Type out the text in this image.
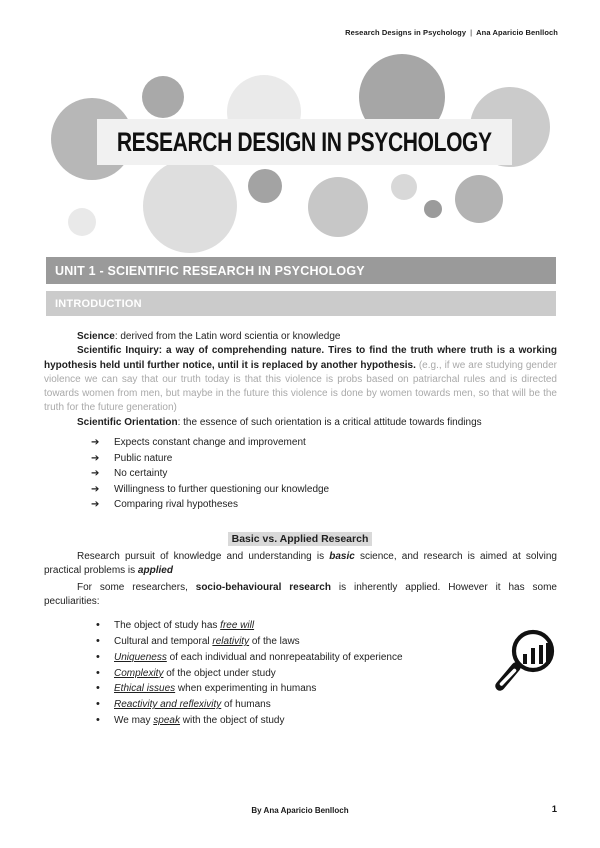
Research Designs in Psychology | Ana Aparicio Benlloch
RESEARCH DESIGN IN PSYCHOLOGY
UNIT 1 - SCIENTIFIC RESEARCH IN PSYCHOLOGY
INTRODUCTION

Science: derived from the Latin word scientia or knowledge

Scientific Inquiry: a way of comprehending nature. Tires to find the truth where truth is a working hypothesis held until further notice, until it is replaced by another hypothesis. (e.g., if we are studying gender violence we can say that our truth today is that this violence is probs based on patriarchal rules and is directed towards women from men, but maybe in the future this violence is done by women towards men, so that will be the truth for the future generation)

Scientific Orientation: the essence of such orientation is a critical attitude towards findings

➔ Expects constant change and improvement
➔ Public nature
➔ No certainty
➔ Willingness to further questioning our knowledge
➔ Comparing rival hypotheses
Basic vs. Applied Research

Research pursuit of knowledge and understanding is basic science, and research is aimed at solving practical problems is applied

For some researchers, socio-behavioural research is inherently applied. However it has some peculiarities:

• The object of study has free will
• Cultural and temporal relativity of the laws
• Uniqueness of each individual and nonrepeatability of experience
• Complexity of the object under study
• Ethical issues when experimenting in humans
• Reactivity and reflexivity of humans
• We may speak with the object of study
By Ana Aparicio Benlloch	1
